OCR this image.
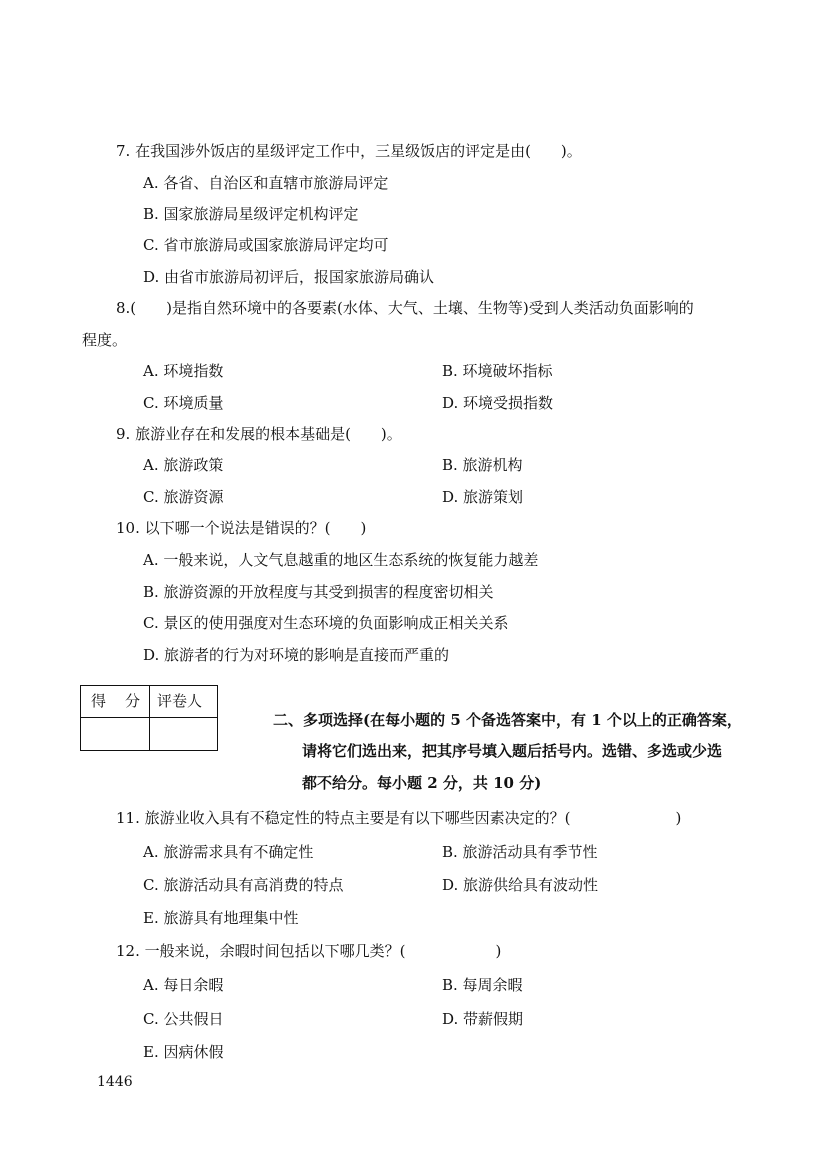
7. 在我国涉外饭店的星级评定工作中，三星级饭店的评定是由(　　)。
A. 各省、自治区和直辖市旅游局评定
B. 国家旅游局星级评定机构评定
C. 省市旅游局或国家旅游局评定均可
D. 由省市旅游局初评后，报国家旅游局确认
8.(　　)是指自然环境中的各要素(水体、大气、土壤、生物等)受到人类活动负面影响的
程度。
A. 环境指数	B. 环境破坏指标
C. 环境质量	D. 环境受损指数
9. 旅游业存在和发展的根本基础是(　　)。
A. 旅游政策	B. 旅游机构
C. 旅游资源	D. 旅游策划
10. 以下哪一个说法是错误的？(　　)
A. 一般来说，人文气息越重的地区生态系统的恢复能力越差
B. 旅游资源的开放程度与其受到损害的程度密切相关
C. 景区的使用强度对生态环境的负面影响成正相关关系
D. 旅游者的行为对环境的影响是直接而严重的
得　分 评卷人
二、多项选择(在每小题的 5 个备选答案中，有 1 个以上的正确答案，
请将它们选出来，把其序号填入题后括号内。选错、多选或少选
都不给分。每小题 2 分，共 10 分)
11. 旅游业收入具有不稳定性的特点主要是有以下哪些因素决定的？(　　　　　　　)
A. 旅游需求具有不确定性	B. 旅游活动具有季节性
C. 旅游活动具有高消费的特点	D. 旅游供给具有波动性
E. 旅游具有地理集中性
12. 一般来说，余暇时间包括以下哪几类？(　　　　　　)
A. 每日余暇	B. 每周余暇
C. 公共假日	D. 带薪假期
E. 因病休假
1446
